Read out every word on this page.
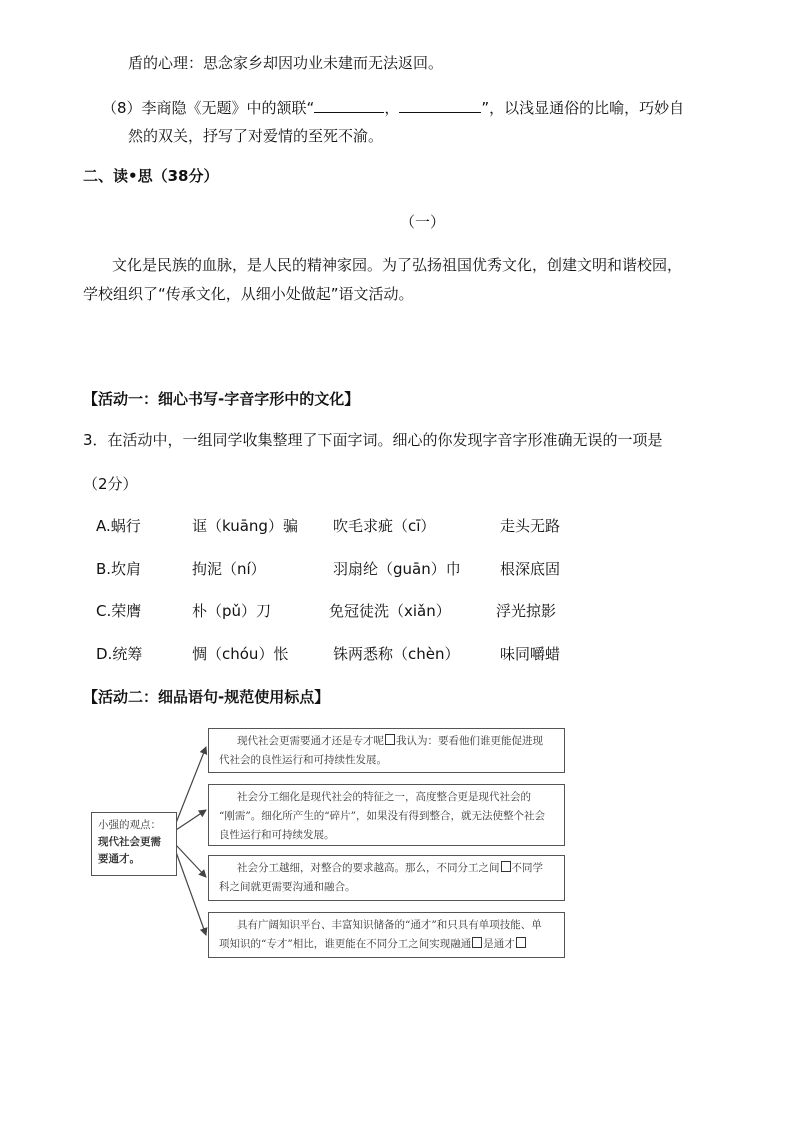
盾的心理：思念家乡却因功业未建而无法返回。
（8）李商隐《无题》中的颔联“	，	”，以浅显通俗的比喻，巧妙自
然的双关，抒写了对爱情的至死不渝。
二、读•思（38分）
（一）
文化是民族的血脉，是人民的精神家园。为了弘扬祖国优秀文化，创建文明和谐校园，
学校组织了“传承文化，从细小处做起”语文活动。
【活动一：细心书写-字音字形中的文化】
3．在活动中，一组同学收集整理了下面字词。细心的你发现字音字形准确无误的一项是
（2分）
A.蜗行	诓（kuāng）骗 吹毛求疵（cī）	走头无路
B.坎肩	拘泥（ní）	羽扇纶（guān）巾	根深底固
C.荣膺	朴（pǔ）刀	免冠徒洗（xiǎn）	浮光掠影
D.统筹	惆（chóu）怅	铢两悉称（chèn）	味同嚼蜡
【活动二：细品语句-规范使用标点】
小强的观点：
现代社会更需
要通才。
现代社会更需要通才还是专才呢 我认为：要看他们谁更能促进现
代社会的良性运行和可持续性发展。
社会分工细化是现代社会的特征之一，高度整合更是现代社会的
“刚需”。细化所产生的“碎片”，如果没有得到整合，就无法使整个社会
良性运行和可持续发展。
社会分工越细，对整合的要求越高。那么，不同分工之间 不同学
科之间就更需要沟通和融合。
具有广阔知识平台、丰富知识储备的“通才”和只具有单项技能、单
项知识的“专才”相比，谁更能在不同分工之间实现融通 是通才
